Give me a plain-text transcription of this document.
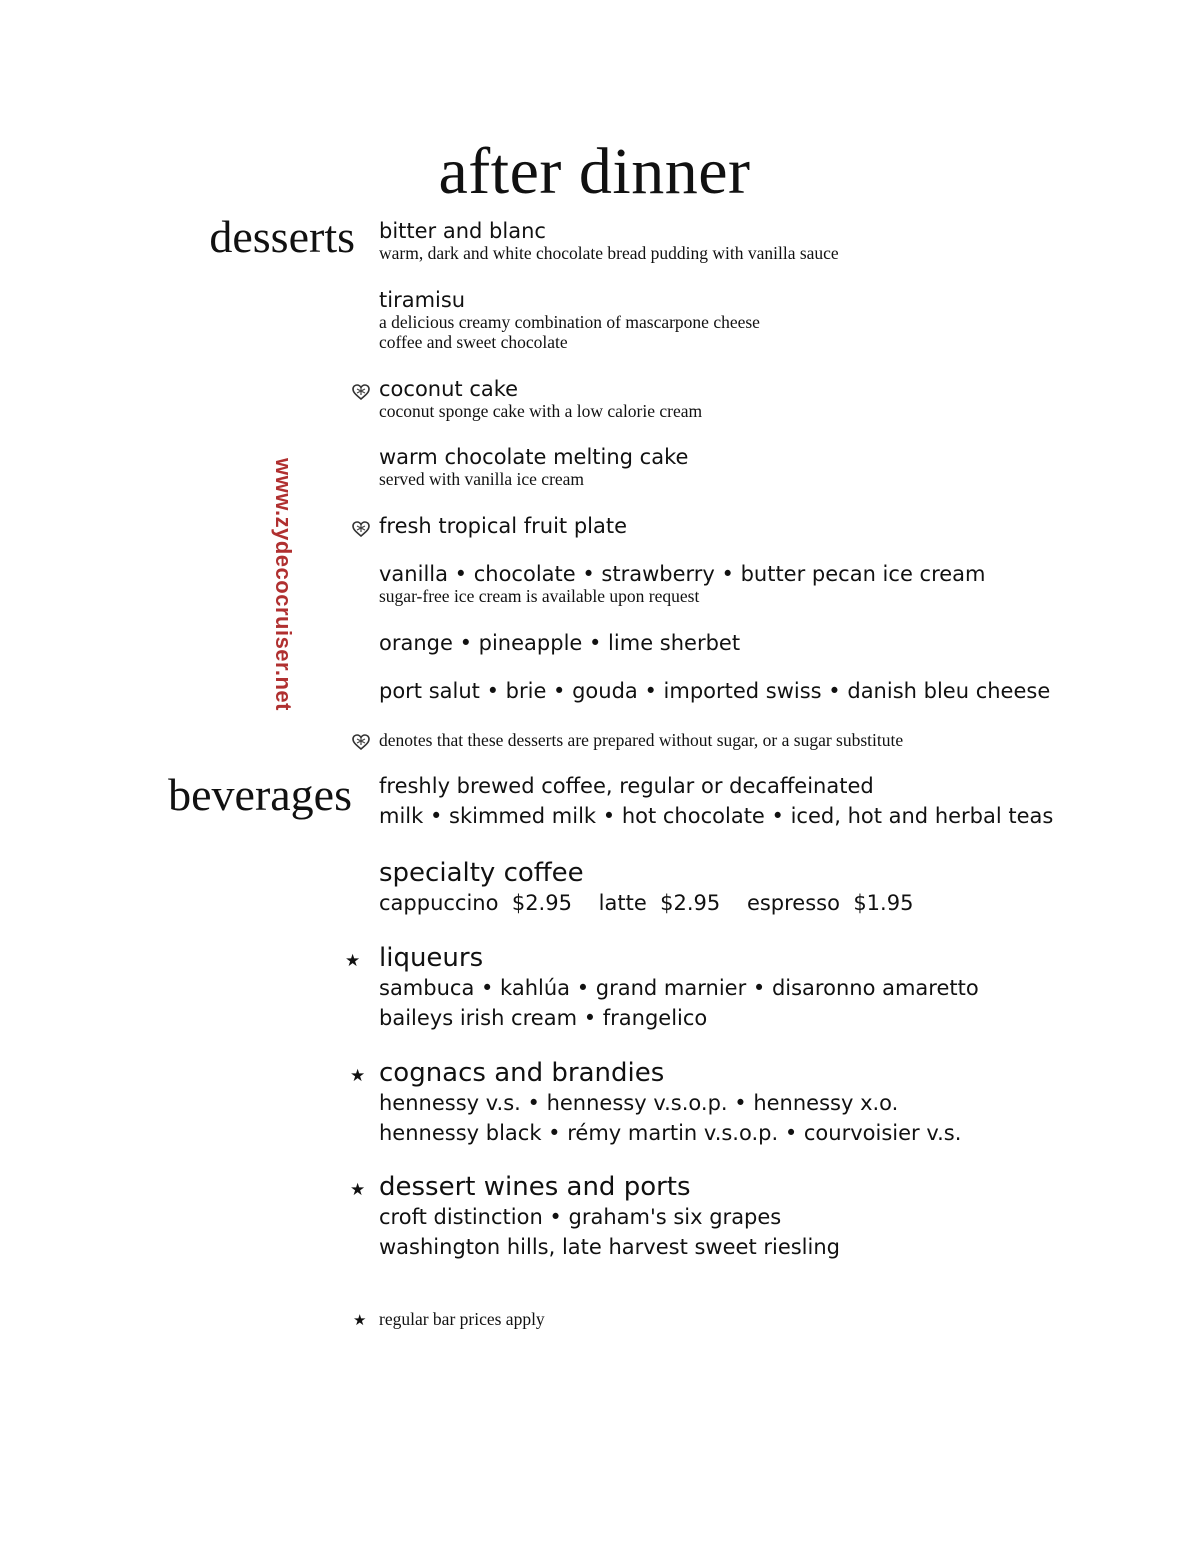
after dinner
desserts bitter and blanc
warm, dark and white chocolate bread pudding with vanilla sauce
tiramisu
a delicious creamy combination of mascarpone cheese
coffee and sweet chocolate
coconut cake
coconut sponge cake with a low calorie cream
warm chocolate melting cake
served with vanilla ice cream
fresh tropical fruit plate
vanilla • chocolate • strawberry • butter pecan ice cream
sugar-free ice cream is available upon request
orange • pineapple • lime sherbet
port salut • brie • gouda • imported swiss • danish bleu cheese
denotes that these desserts are prepared without sugar, or a sugar substitute
beverages freshly brewed coffee, regular or decaffeinated
milk • skimmed milk • hot chocolate • iced, hot and herbal teas
specialty coffee
cappuccino $2.95 latte $2.95 espresso $1.95
★ liqueurs
sambuca • kahlúa • grand marnier • disaronno amaretto
baileys irish cream • frangelico
★ cognacs and brandies
hennessy v.s. • hennessy v.s.o.p. • hennessy x.o.
hennessy black • rémy martin v.s.o.p. • courvoisier v.s.
★ dessert wines and ports
croft distinction • graham's six grapes
washington hills, late harvest sweet riesling
★ regular bar prices apply
www.zydecocruiser.net
